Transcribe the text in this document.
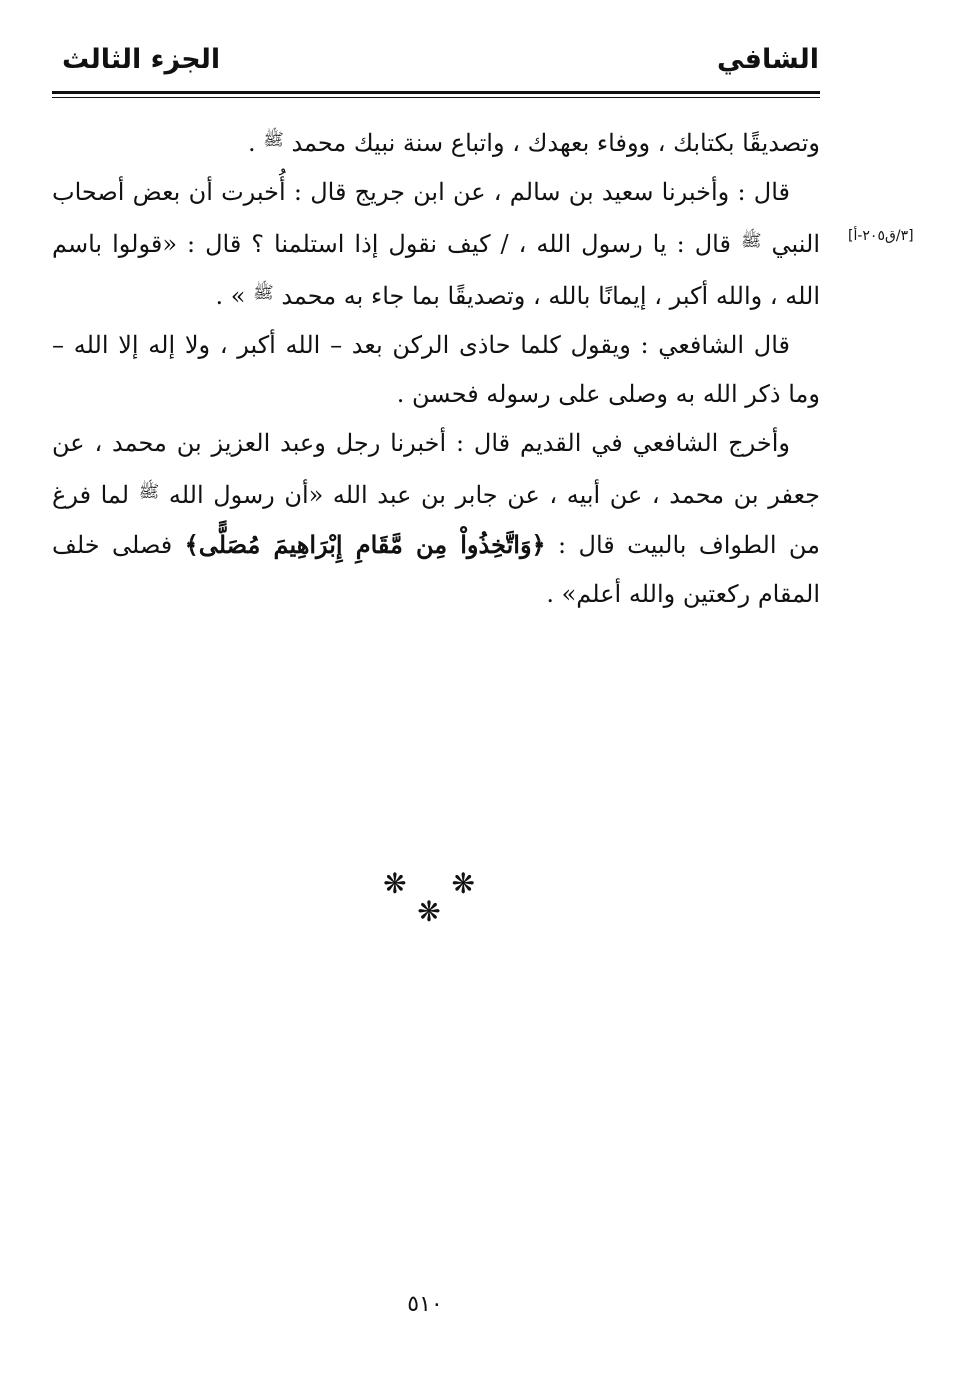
الشافي
الجزء الثالث
[٣/ق٢٠٥-أ]

وتصديقًا بكتابك ، ووفاء بعهدك ، واتباع سنة نبيك محمد $^ﷺ$ .

قال : وأخبرنا سعيد بن سالم ، عن ابن جريج قال : أُخبرت أن بعض أصحاب النبي $^ﷺ$ قال : يا رسول الله ، / كيف نقول إذا استلمنا ؟ قال : «قولوا باسم الله ، والله أكبر ، إيمانًا بالله ، وتصديقًا بما جاء به محمد $^ﷺ$ » .

قال الشافعي : ويقول كلما حاذى الركن بعد – الله أكبر ، ولا إله إلا الله – وما ذكر الله به وصلى على رسوله فحسن .

وأخرج الشافعي في القديم قال : أخبرنا رجل وعبد العزيز بن محمد ، عن جعفر بن محمد ، عن أبيه ، عن جابر بن عبد الله «أن رسول الله $^ﷺ$ لما فرغ من الطواف بالبيت قال : ﴿وَاتَّخِذُواْ مِن مَّقَامِ إِبْرَاهِيمَ مُصَلًّى﴾ فصلى خلف المقام ركعتين والله أعلم» .

❋ ❋ ❋
٥١٠
